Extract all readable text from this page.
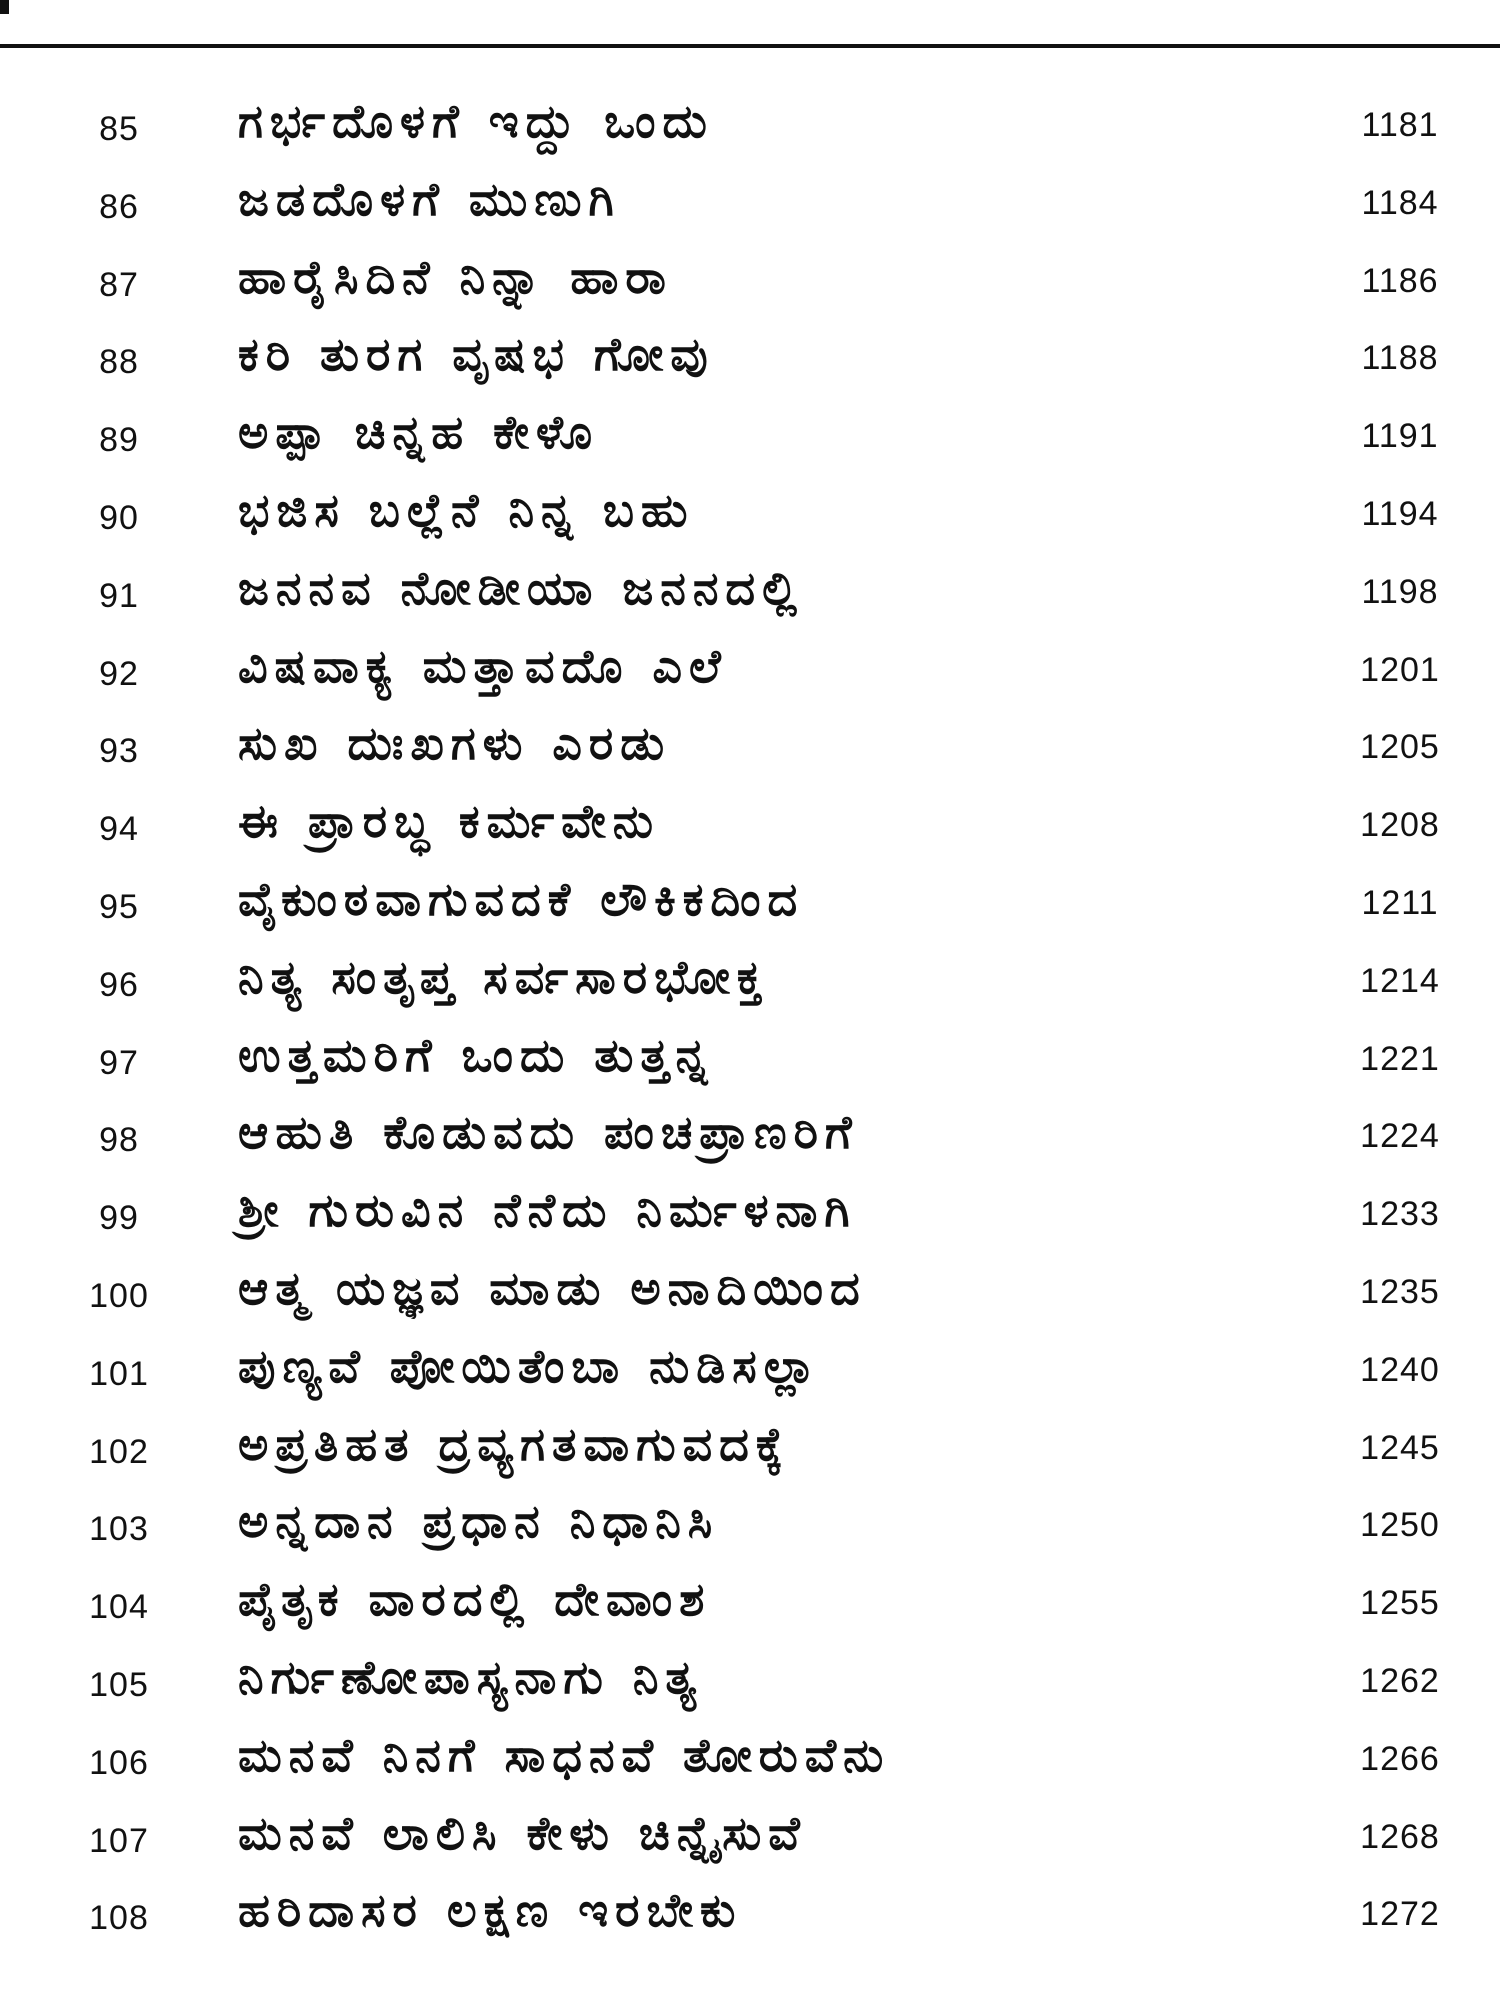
85	ಗರ್ಭದೊಳಗೆ ಇದ್ದು ಒಂದು	1181
86	ಜಡದೊಳಗೆ ಮುಣುಗಿ	1184
87	ಹಾರೈಸಿದಿನೆ ನಿನ್ನಾ ಹಾರಾ	1186
88	ಕರಿ ತುರಗ ವೃಷಭ ಗೋವು	1188
89	ಅಪ್ಪಾ ಚಿನ್ನಹ ಕೇಳೊ	1191
90	ಭಜಿಸ ಬಲ್ಲೆನೆ ನಿನ್ನ ಬಹು	1194
91	ಜನನವ ನೋಡೀಯಾ ಜನನದಲ್ಲಿ	1198
92	ವಿಷವಾಕ್ಯ ಮತ್ತಾವದೊ ಎಲೆ	1201
93	ಸುಖ ದುಃಖಗಳು ಎರಡು	1205
94	ಈ ಪ್ರಾರಬ್ಧ ಕರ್ಮವೇನು	1208
95	ವೈಕುಂಠವಾಗುವದಕೆ ಲೌಕಿಕದಿಂದ	1211
96	ನಿತ್ಯ ಸಂತೃಪ್ತ ಸರ್ವಸಾರಭೋಕ್ತ	1214
97	ಉತ್ತಮರಿಗೆ ಒಂದು ತುತ್ತನ್ನ	1221
98	ಆಹುತಿ ಕೊಡುವದು ಪಂಚಪ್ರಾಣರಿಗೆ	1224
99	ಶ್ರೀ ಗುರುವಿನ ನೆನೆದು ನಿರ್ಮಳನಾಗಿ	1233
100	ಆತ್ಮ ಯಜ್ಞವ ಮಾಡು ಅನಾದಿಯಿಂದ	1235
101	ಪುಣ್ಯವೆ ಪೋಯಿತೆಂಬಾ ನುಡಿಸಲ್ಲಾ	1240
102	ಅಪ್ರತಿಹತ ದ್ರವ್ಯಗತವಾಗುವದಕ್ಕೆ	1245
103	ಅನ್ನದಾನ ಪ್ರಧಾನ ನಿಧಾನಿಸಿ	1250
104	ಪೈತೃಕ ವಾರದಲ್ಲಿ ದೇವಾಂಶ	1255
105	ನಿರ್ಗುಣೋಪಾಸ್ಯನಾಗು ನಿತ್ಯ	1262
106	ಮನವೆ ನಿನಗೆ ಸಾಧನವೆ ತೋರುವೆನು	1266
107	ಮನವೆ ಲಾಲಿಸಿ ಕೇಳು ಚಿನ್ನೈಸುವೆ	1268
108	ಹರಿದಾಸರ ಲಕ್ಷಣ ಇರಬೇಕು	1272
